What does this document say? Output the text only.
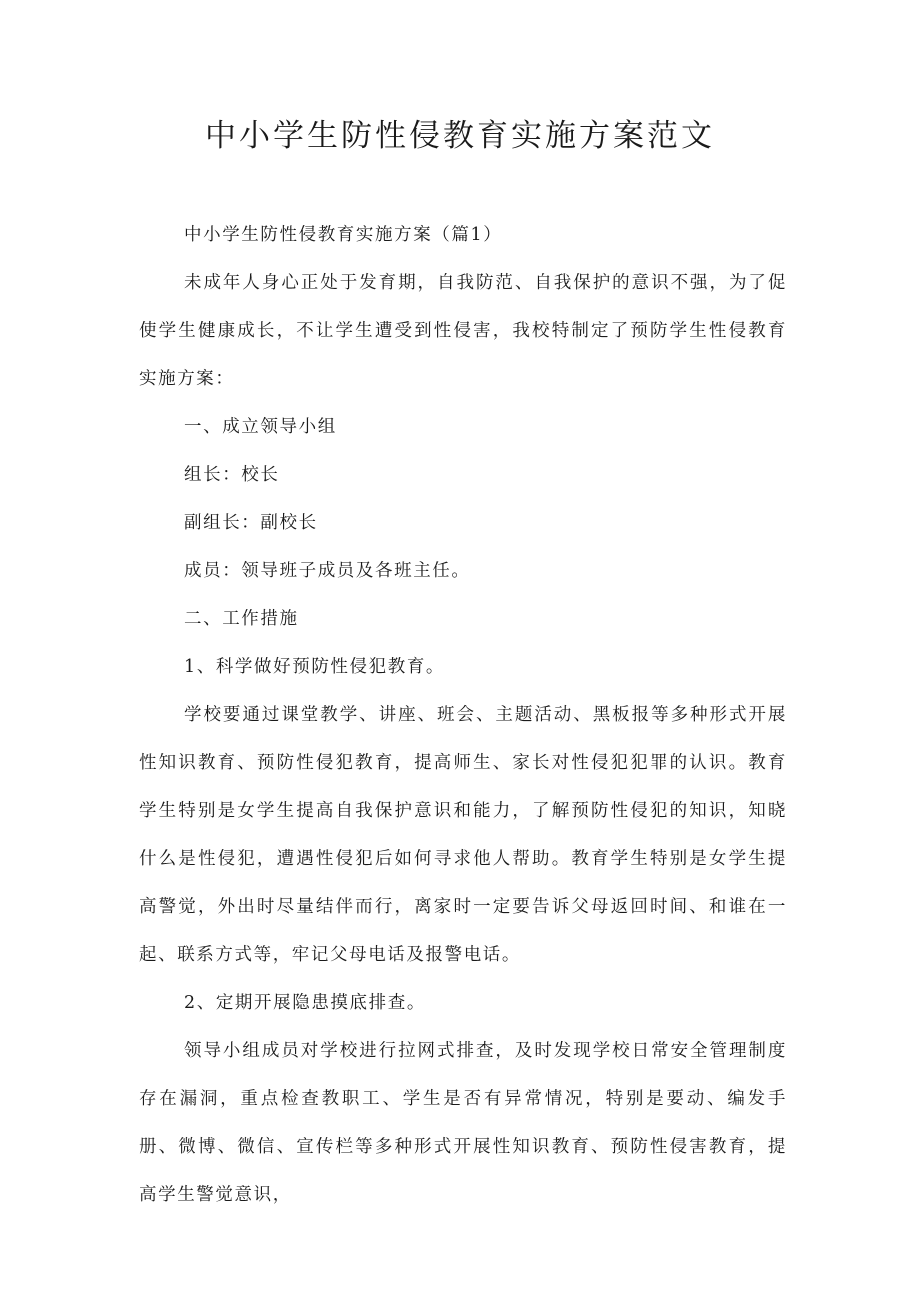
中小学生防性侵教育实施方案范文

中小学生防性侵教育实施方案（篇1）

未成年人身心正处于发育期，自我防范、自我保护的意识不强，为了促使学生健康成长，不让学生遭受到性侵害，我校特制定了预防学生性侵教育实施方案：

一、成立领导小组

组长：校长

副组长：副校长

成员：领导班子成员及各班主任。

二、工作措施

1、科学做好预防性侵犯教育。

学校要通过课堂教学、讲座、班会、主题活动、黑板报等多种形式开展性知识教育、预防性侵犯教育，提高师生、家长对性侵犯犯罪的认识。教育学生特别是女学生提高自我保护意识和能力，了解预防性侵犯的知识，知晓什么是性侵犯，遭遇性侵犯后如何寻求他人帮助。教育学生特别是女学生提高警觉，外出时尽量结伴而行，离家时一定要告诉父母返回时间、和谁在一起、联系方式等，牢记父母电话及报警电话。

2、定期开展隐患摸底排查。

领导小组成员对学校进行拉网式排查，及时发现学校日常安全管理制度存在漏洞，重点检查教职工、学生是否有异常情况，特别是要动、编发手册、微博、微信、宣传栏等多种形式开展性知识教育、预防性侵害教育，提高学生警觉意识，
